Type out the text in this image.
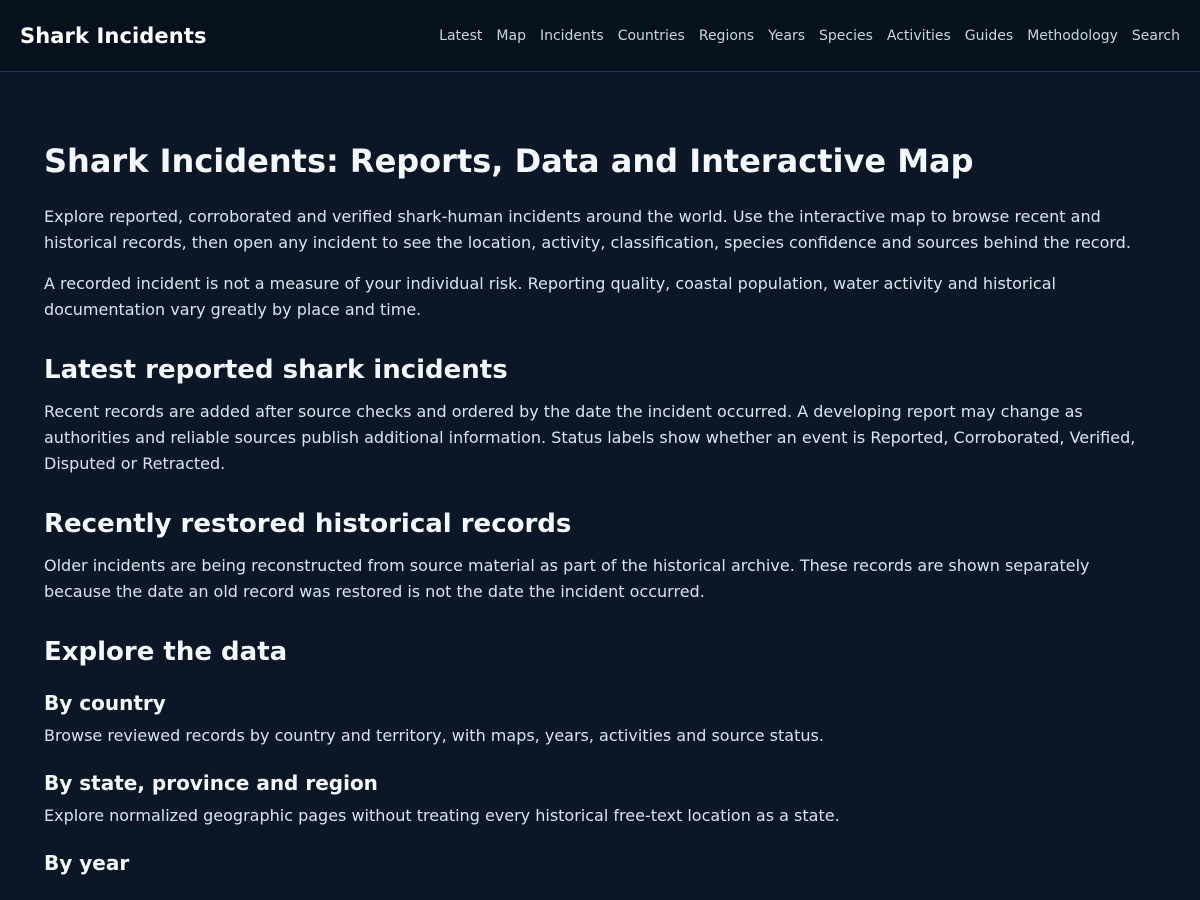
Shark Incidents	Latest Map Incidents Countries Regions Years Species Activities Guides Methodology Search
Shark Incidents: Reports, Data and Interactive Map

Explore reported, corroborated and verified shark-human incidents around the world. Use the interactive map to browse recent and historical records, then open any incident to see the location, activity, classification, species confidence and sources behind the record.

A recorded incident is not a measure of your individual risk. Reporting quality, coastal population, water activity and historical documentation vary greatly by place and time.

Latest reported shark incidents

Recent records are added after source checks and ordered by the date the incident occurred. A developing report may change as authorities and reliable sources publish additional information. Status labels show whether an event is Reported, Corroborated, Verified, Disputed or Retracted.

Recently restored historical records

Older incidents are being reconstructed from source material as part of the historical archive. These records are shown separately because the date an old record was restored is not the date the incident occurred.

Explore the data
By country

Browse reviewed records by country and territory, with maps, years, activities and source status.

By state, province and region

Explore normalized geographic pages without treating every historical free-text location as a state.

By year
